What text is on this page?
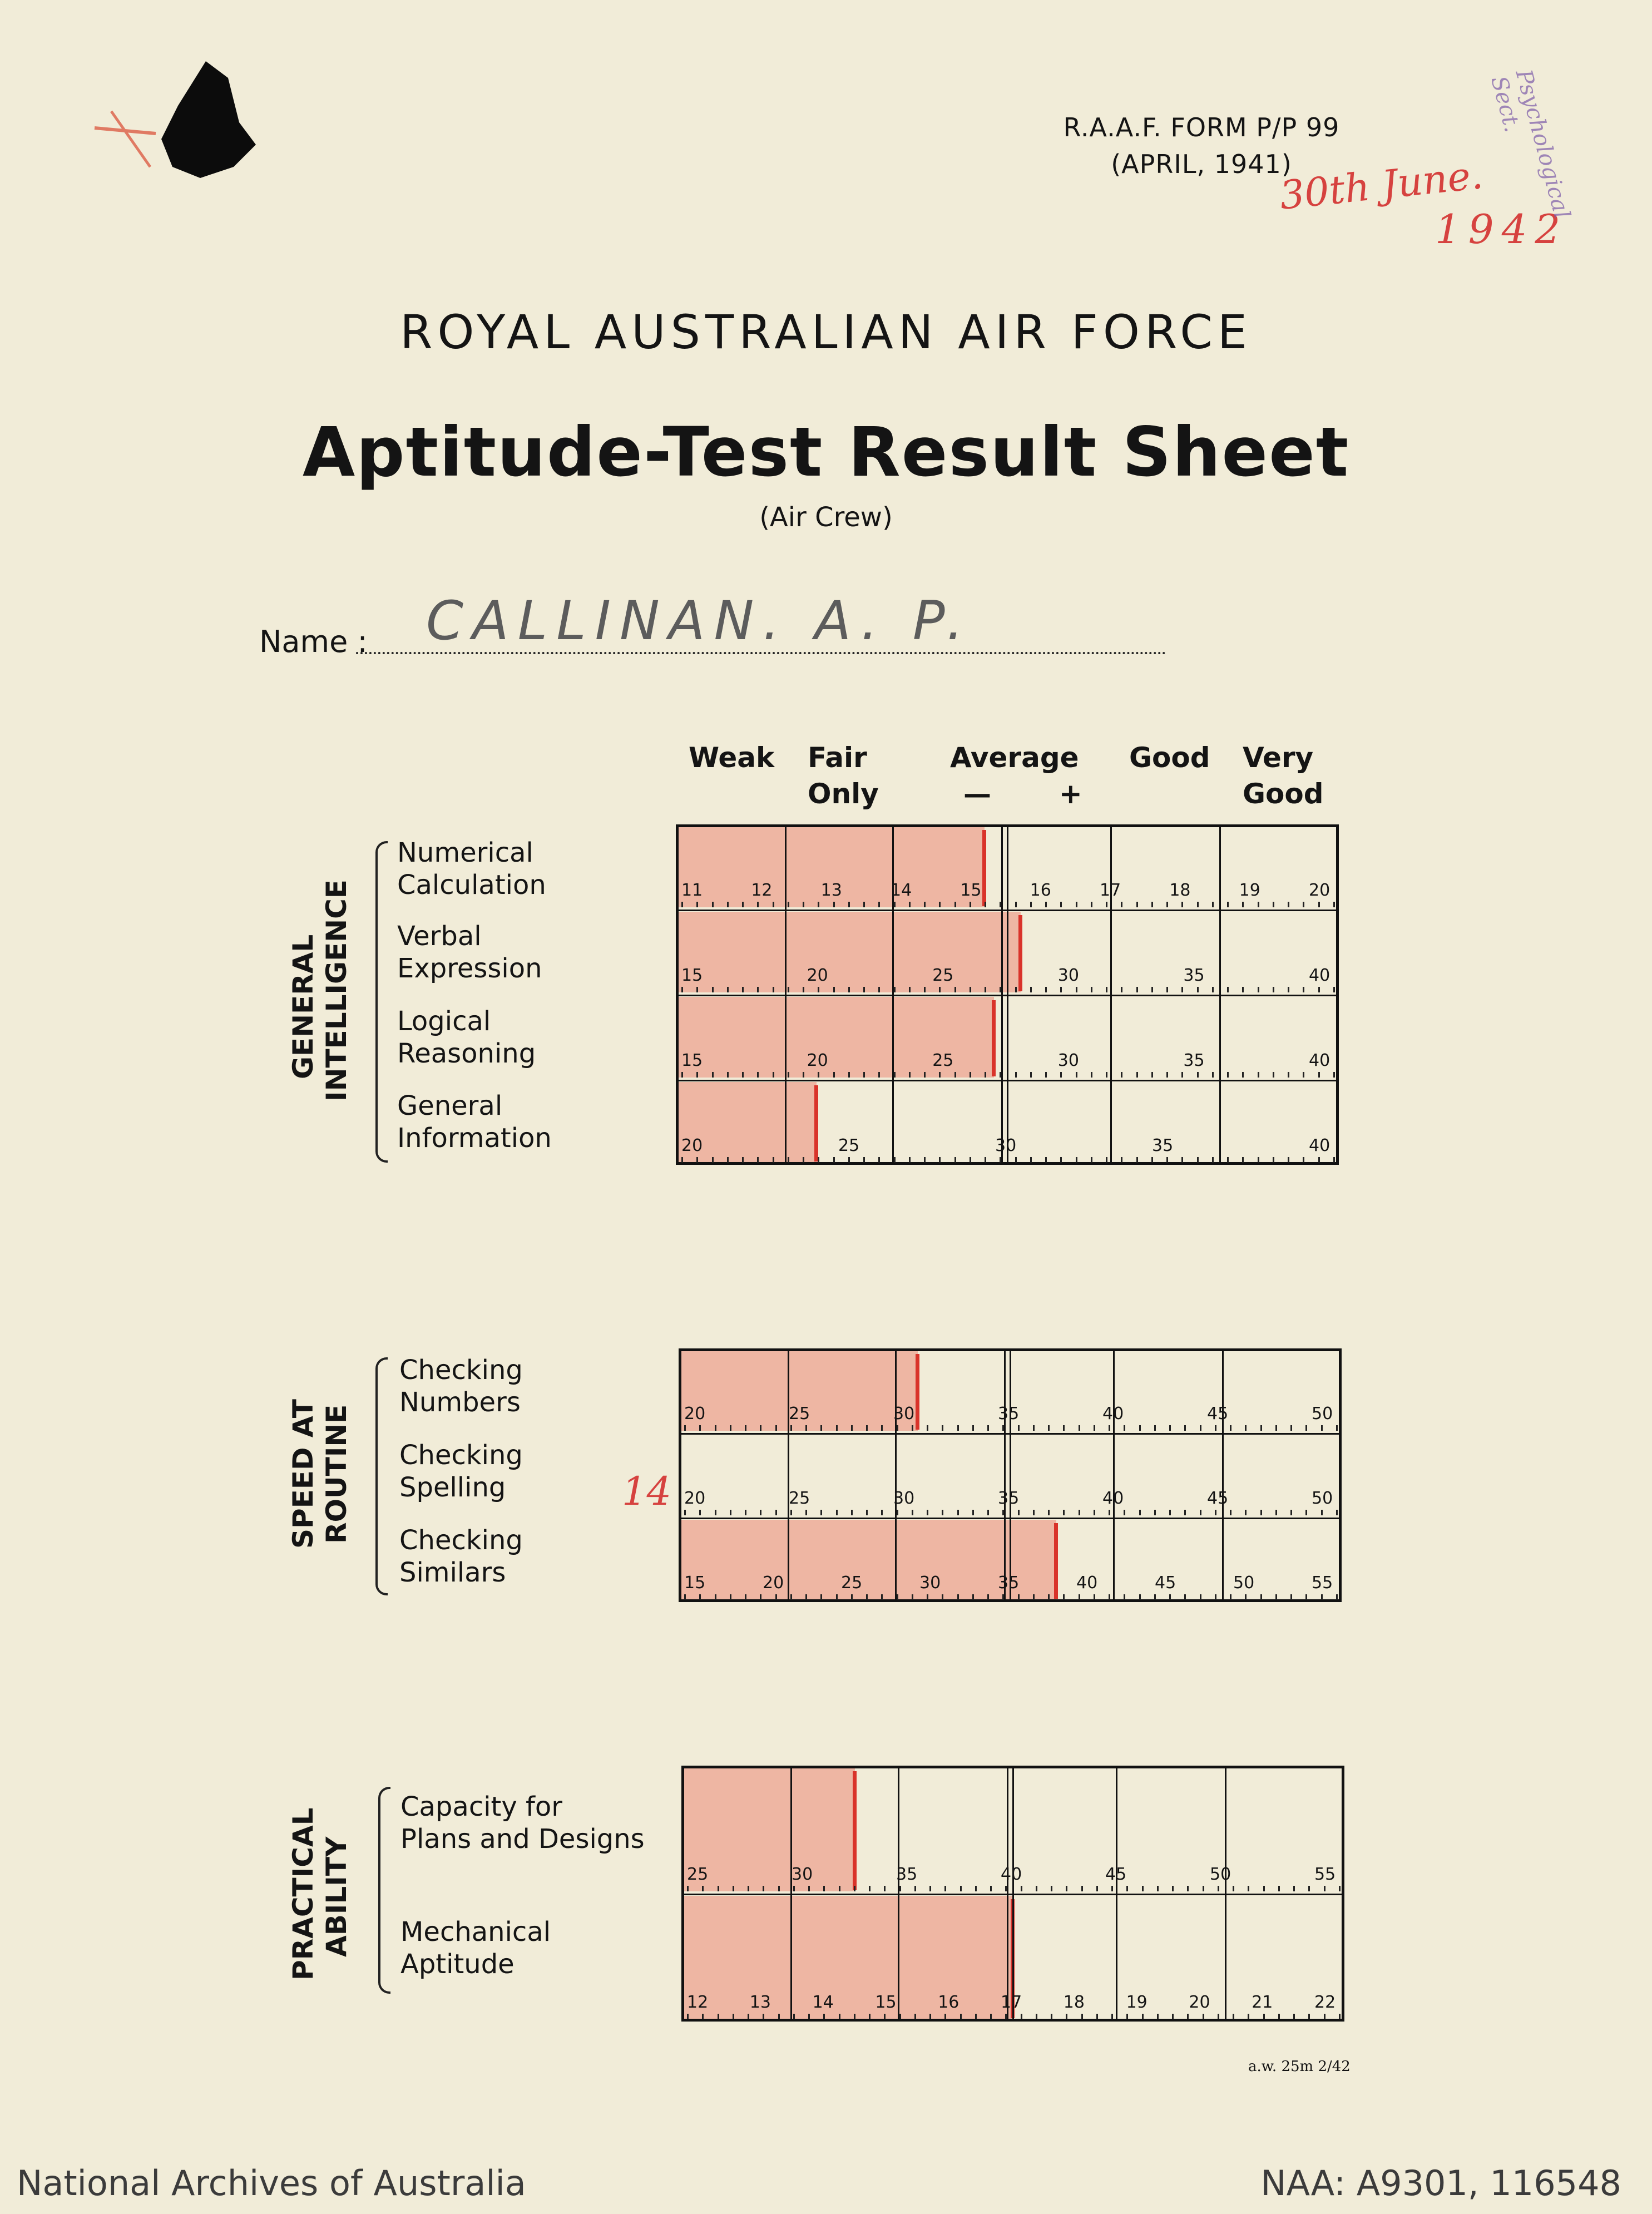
R.A.A.F. FORM P/P 99
(APRIL, 1941)
30th June.
1942
Psychological Sect.
ROYAL AUSTRALIAN AIR FORCE
Aptitude-Test Result Sheet
(Air Crew)
Name : CALLINAN. A. P.
Weak Fair
Only
Average
—       +
Good Very
Good
GENERAL INTELLIGENCE
SPEED AT ROUTINE
PRACTICAL ABILITY
Numerical
Calculation
Verbal
Expression
Logical
Reasoning
General
Information
Checking
Numbers
Checking
Spelling
Checking
Similars
14
Capacity for
Plans and Designs
Mechanical
Aptitude
11	12	13	14	15	16	17	18	19	20
15	20	25	30	35	40
15	20	25	30	35	40
20	25	30	35	40
20	25	30	35	40	45	50
20	25	30	35	40	45	50
15	20	25	30	35	40	45	50	55
25	30	35	40	45	50	55
12 13 14 15 16 17 18 19 20 21 22
a.w. 25m 2/42
National Archives of Australia	NAA: A9301, 116548
